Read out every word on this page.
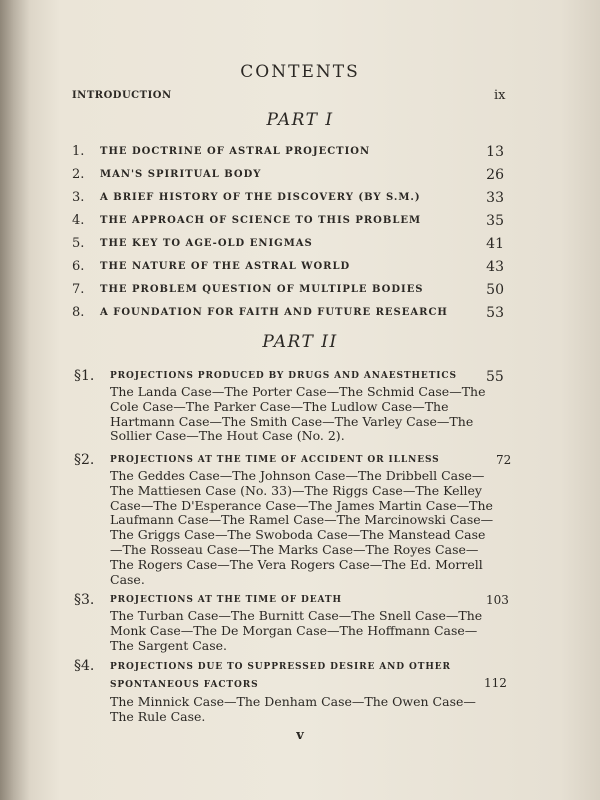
CONTENTS
INTRODUCTION	ix
PART I
1. THE DOCTRINE OF ASTRAL PROJECTION	13
2. MAN'S SPIRITUAL BODY	26
3. A BRIEF HISTORY OF THE DISCOVERY (BY S.M.)	33
4. THE APPROACH OF SCIENCE TO THIS PROBLEM	35
5. THE KEY TO AGE-OLD ENIGMAS	41
6. THE NATURE OF THE ASTRAL WORLD	43
7. THE PROBLEM QUESTION OF MULTIPLE BODIES	50
8. A FOUNDATION FOR FAITH AND FUTURE RESEARCH	53
PART II
§1. PROJECTIONS PRODUCED BY DRUGS AND ANAESTHETICS	55
The Landa Case—The Porter Case—The Schmid Case—The Cole Case—The Parker Case—The Ludlow Case—The Hartmann Case—The Smith Case—The Varley Case—The Sollier Case—The Hout Case (No. 2).
§2. PROJECTIONS AT THE TIME OF ACCIDENT OR ILLNESS	72
The Geddes Case—The Johnson Case—The Dribbell Case—The Mattiesen Case (No. 33)—The Riggs Case—The Kelley Case—The D'Esperance Case—The James Martin Case—The Laufmann Case—The Ramel Case—The Marcinowski Case—The Griggs Case—The Swoboda Case—The Manstead Case—The Rosseau Case—The Marks Case—The Royes Case—The Rogers Case—The Vera Rogers Case—The Ed. Morrell Case.
§3. PROJECTIONS AT THE TIME OF DEATH	103
The Turban Case—The Burnitt Case—The Snell Case—The Monk Case—The De Morgan Case—The Hoffmann Case—The Sargent Case.
§4. PROJECTIONS DUE TO SUPPRESSED DESIRE AND OTHER SPONTANEOUS FACTORS	112
The Minnick Case—The Denham Case—The Owen Case—The Rule Case.
v
